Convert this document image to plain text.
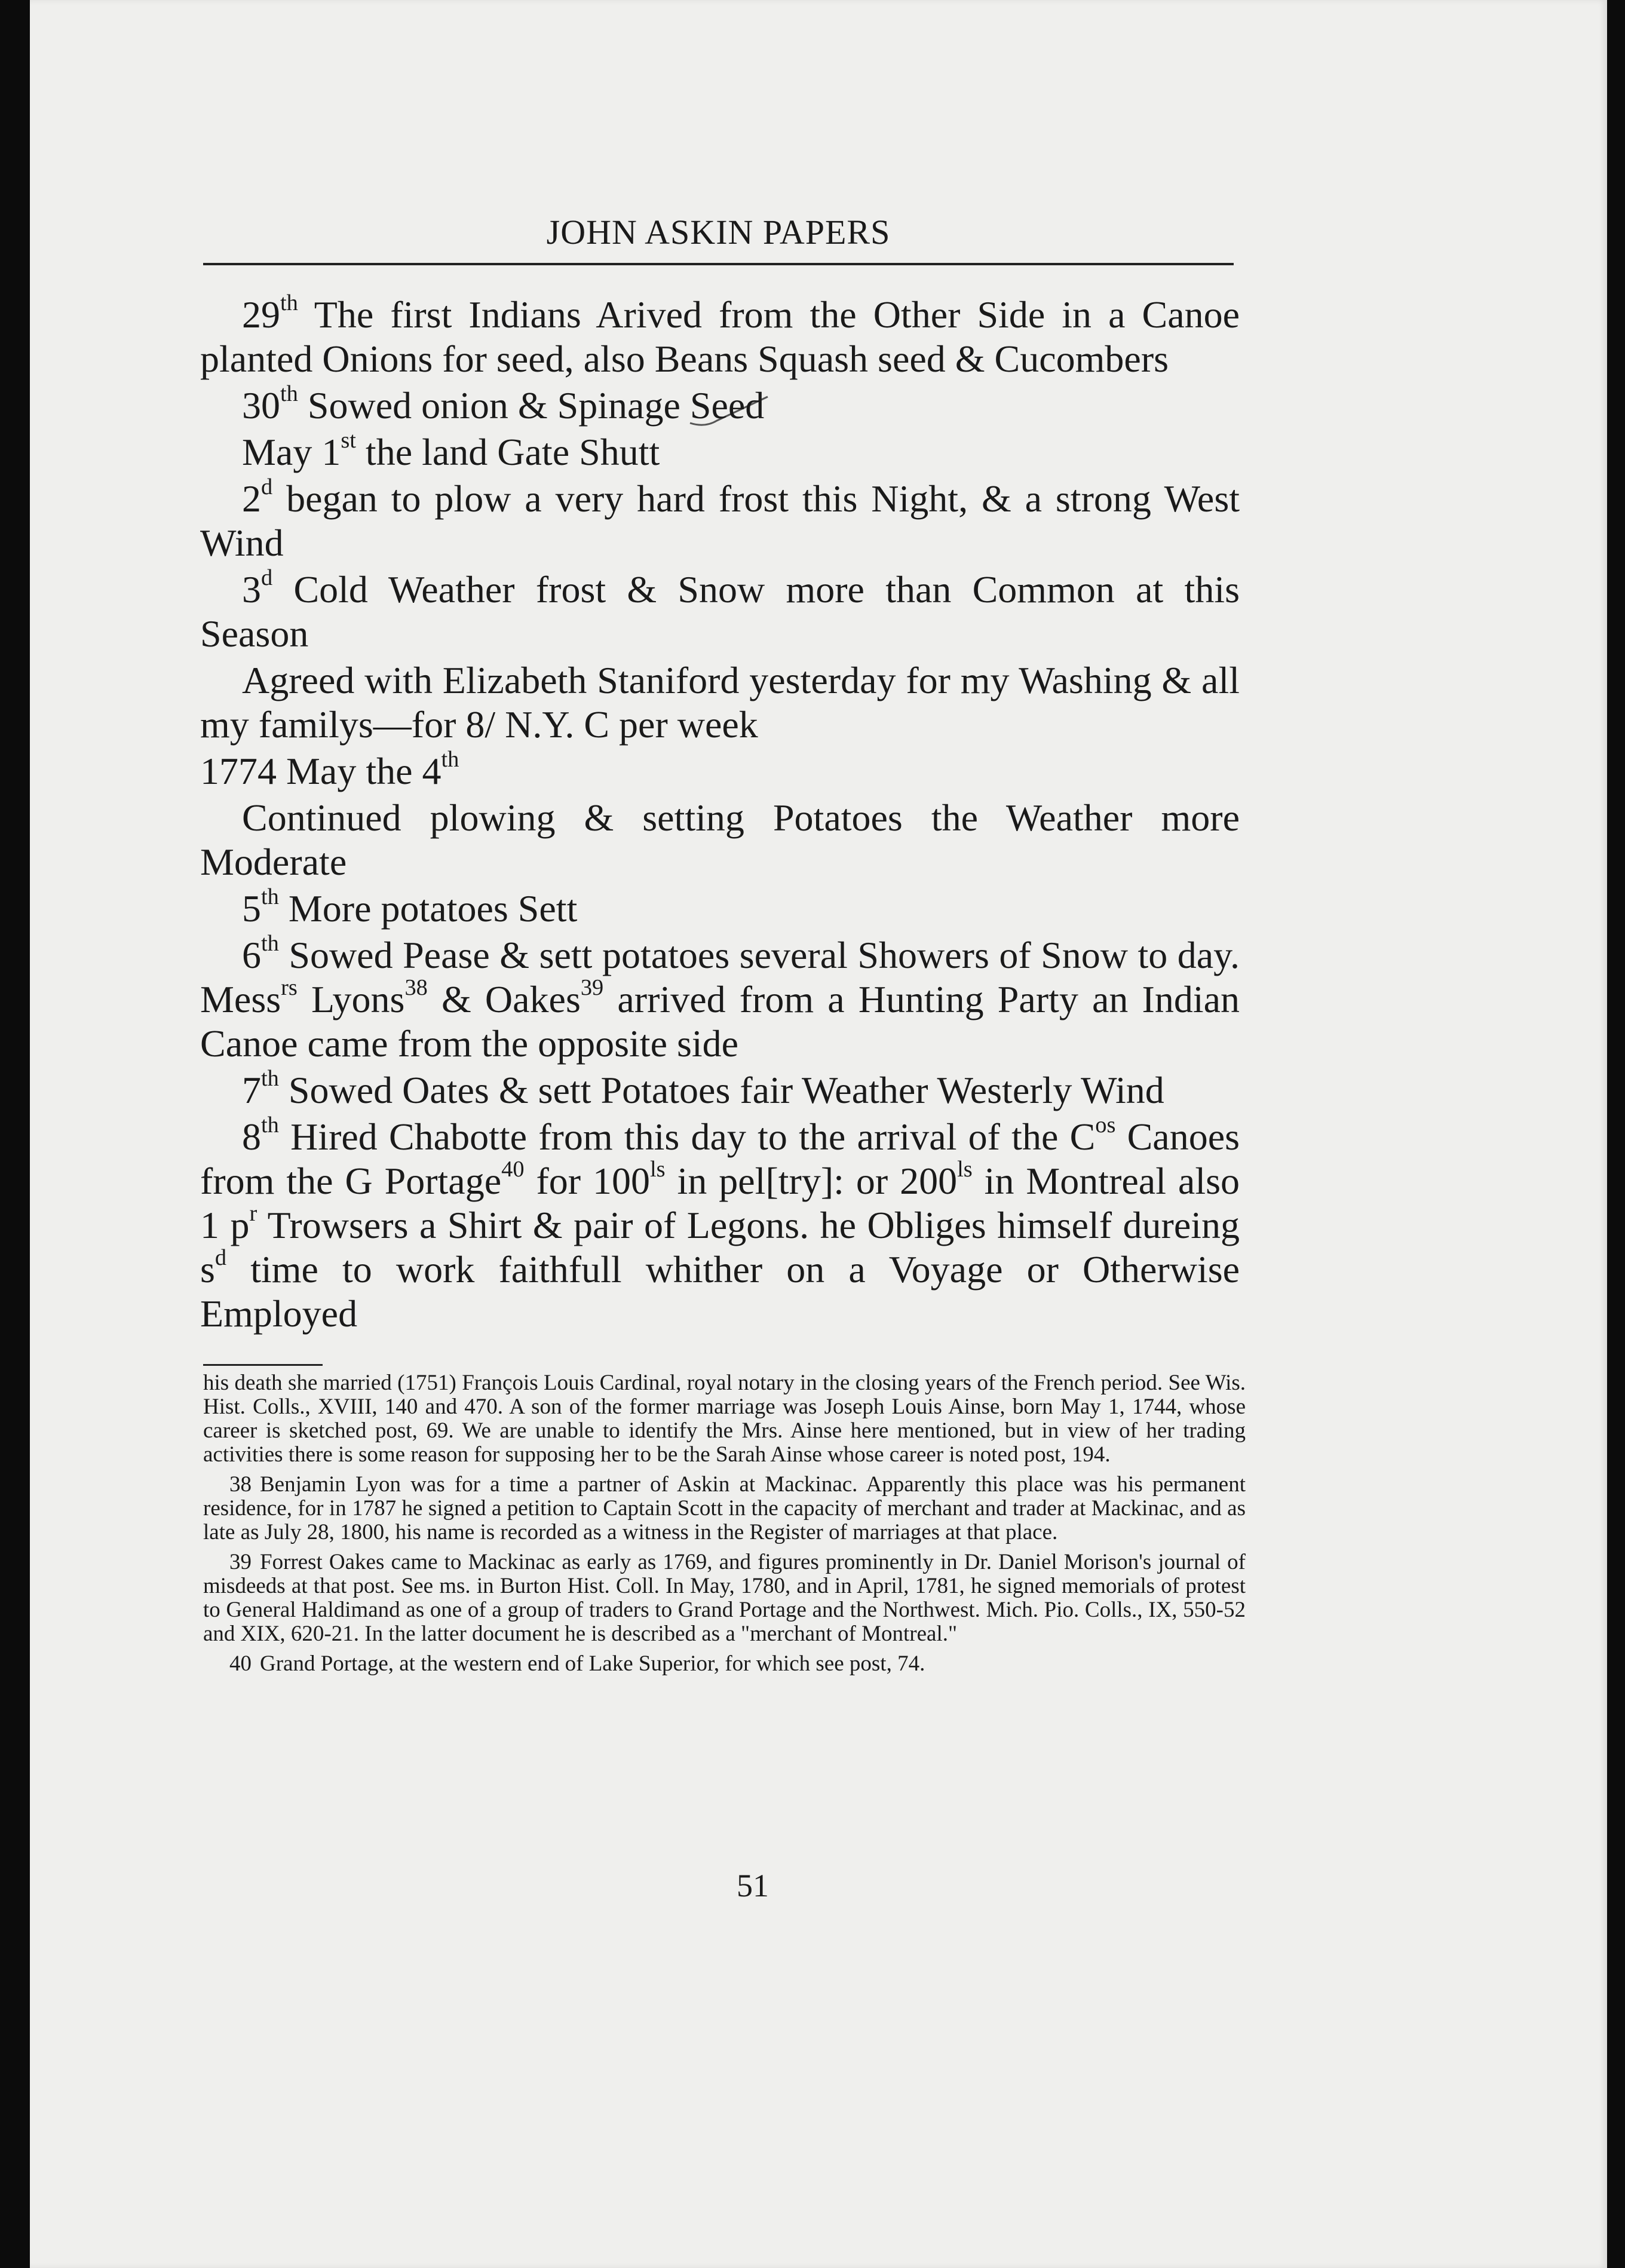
JOHN ASKIN PAPERS

29th The first Indians Arived from the Other Side in a Canoe planted Onions for seed, also Beans Squash seed & Cucombers

30th Sowed onion & Spinage Seed

May 1st the land Gate Shutt

2$^d$ began to plow a very hard frost this Night, & a strong West Wind

3$^d$ Cold Weather frost & Snow more than Common at this Season

Agreed with Elizabeth Staniford yesterday for my Washing & all my familys—for 8/ N.Y. C per week

1774 May the 4th

Continued plowing & setting Potatoes the Weather more Moderate

5th More potatoes Sett

6th Sowed Pease & sett potatoes several Showers of Snow to day. Mess$^{rs}$ Lyons$^{38}$ & Oakes$^{39}$ arrived from a Hunting Party an Indian Canoe came from the opposite side

7th Sowed Oates & sett Potatoes fair Weather Westerly Wind

8th Hired Chabotte from this day to the arrival of the $C^{os}$ Canoes from the G Portage$^{40}$ for $100^{ls}$ in pel[try]: or $200^{ls}$ in Montreal also 1 $p^r$ Trowsers a Shirt & pair of Legons. he Obliges himself dureing $s^d$ time to work faithfull whither on a Voyage or Otherwise Employed

his death she married (1751) François Louis Cardinal, royal notary in the closing years of the French period. See Wis. Hist. Colls., XVIII, 140 and 470. A son of the former marriage was Joseph Louis Ainse, born May 1, 1744, whose career is sketched post, 69. We are unable to identify the Mrs. Ainse here mentioned, but in view of her trading activities there is some reason for supposing her to be the Sarah Ainse whose career is noted post, 194.

38 Benjamin Lyon was for a time a partner of Askin at Mackinac. Apparently this place was his permanent residence, for in 1787 he signed a petition to Captain Scott in the capacity of merchant and trader at Mackinac, and as late as July 28, 1800, his name is recorded as a witness in the Register of marriages at that place.

39 Forrest Oakes came to Mackinac as early as 1769, and figures prominently in Dr. Daniel Morison's journal of misdeeds at that post. See ms. in Burton Hist. Coll. In May, 1780, and in April, 1781, he signed memorials of protest to General Haldimand as one of a group of traders to Grand Portage and the Northwest. Mich. Pio. Colls., IX, 550-52 and XIX, 620-21. In the latter document he is described as a "merchant of Montreal."

40 Grand Portage, at the western end of Lake Superior, for which see post, 74.

51
